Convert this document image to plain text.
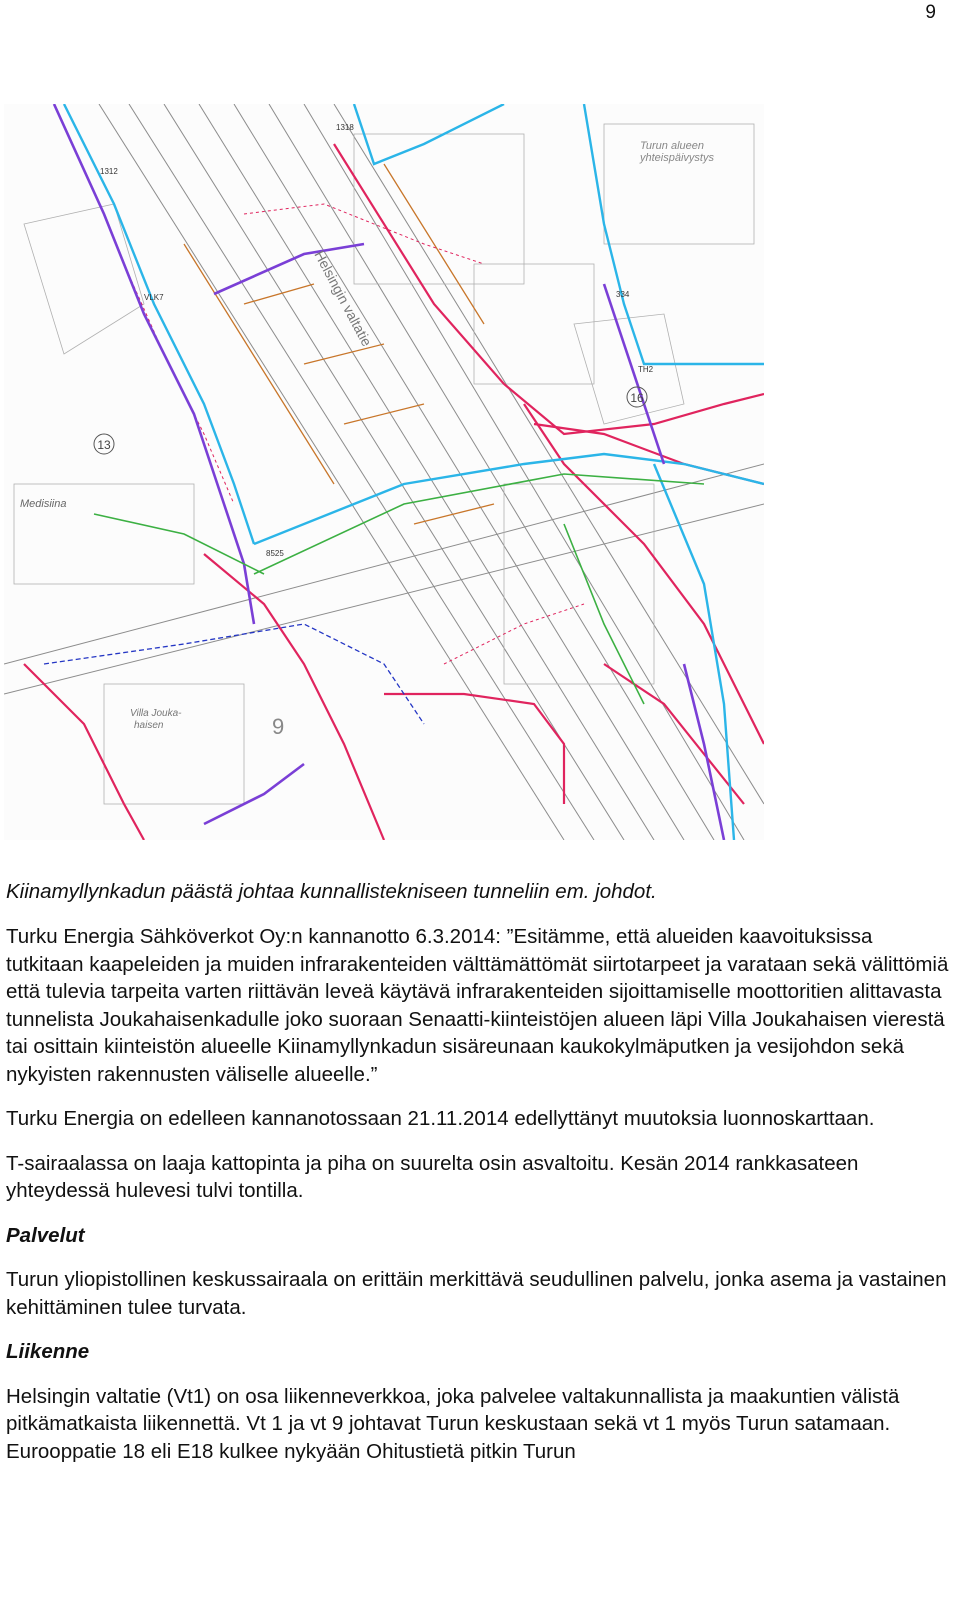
9
13
16
9
Helsingin valtatie
Turun alueen
yhteispäivystys
Medisiina
Villa Jouka-
haisen
1318
1312
VLK7
8525
TH2
334

Kiinamyllynkadun päästä johtaa kunnallistekniseen tunneliin em. johdot.

Turku Energia Sähköverkot Oy:n kannanotto 6.3.2014: ”Esitämme, että alueiden kaavoituksissa tutkitaan kaapeleiden ja muiden infrarakenteiden välttämättömät siirtotarpeet ja varataan sekä välittömiä että tulevia tarpeita varten riittävän leveä käytävä infrarakenteiden sijoittamiselle moottoritien alittavasta tunnelista Joukahaisenkadulle joko suoraan Senaatti-kiinteistöjen alueen läpi Villa Joukahaisen vierestä tai osittain kiinteistön alueelle Kiinamyllynkadun sisäreunaan kaukokylmäputken ja vesijohdon sekä nykyisten rakennusten väliselle alueelle.”

Turku Energia on edelleen kannanotossaan 21.11.2014 edellyttänyt muutoksia luonnoskarttaan.

T-sairaalassa on laaja kattopinta ja piha on suurelta osin asvaltoitu. Kesän 2014 rankkasateen yhteydessä hulevesi tulvi tontilla.

Palvelut

Turun yliopistollinen keskussairaala on erittäin merkittävä seudullinen palvelu, jonka asema ja vastainen kehittäminen tulee turvata.

Liikenne

Helsingin valtatie (Vt1) on osa liikenneverkkoa, joka palvelee valtakunnallista ja maakuntien välistä pitkämatkaista liikennettä. Vt 1 ja vt 9 johtavat Turun keskustaan sekä vt 1 myös Turun satamaan. Eurooppatie 18 eli E18 kulkee nykyään Ohitustietä pitkin Turun
